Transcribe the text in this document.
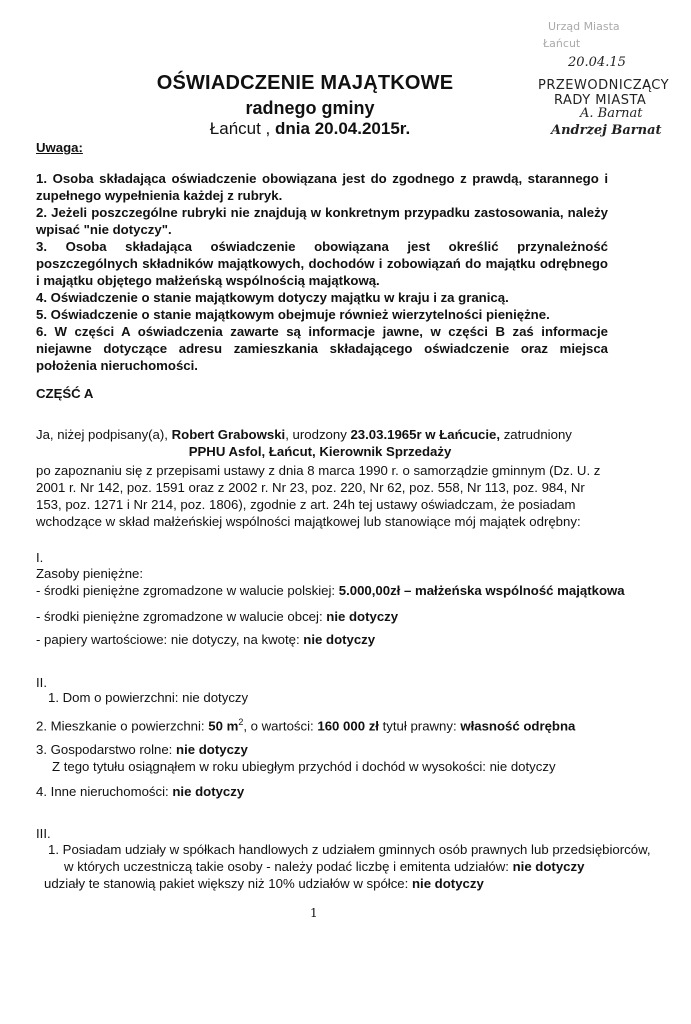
Urząd Miasta
Łańcut
20.04.15
PRZEWODNICZĄCY
RADY MIASTA
A. Barnat
Andrzej Barnat
OŚWIADCZENIE MAJĄTKOWE
radnego gminy
Łańcut , dnia 20.04.2015r.
Uwaga:

1. Osoba składająca oświadczenie obowiązana jest do zgodnego z prawdą, starannego i zupełnego wypełnienia każdej z rubryk.

2. Jeżeli poszczególne rubryki nie znajdują w konkretnym przypadku zastosowania, należy wpisać "nie dotyczy".

3. Osoba składająca oświadczenie obowiązana jest określić przynależność poszczególnych składników majątkowych, dochodów i zobowiązań do majątku odrębnego i majątku objętego małżeńską wspólnością majątkową.

4. Oświadczenie o stanie majątkowym dotyczy majątku w kraju i za granicą.

5. Oświadczenie o stanie majątkowym obejmuje również wierzytelności pieniężne.

6. W części A oświadczenia zawarte są informacje jawne, w części B zaś informacje niejawne dotyczące adresu zamieszkania składającego oświadczenie oraz miejsca położenia nieruchomości.

CZĘŚĆ A
Ja, niżej podpisany(a), Robert Grabowski, urodzony 23.03.1965r w Łańcucie, zatrudniony
PPHU Asfol, Łańcut, Kierownik Sprzedaży
po zapoznaniu się z przepisami ustawy z dnia 8 marca 1990 r. o samorządzie gminnym (Dz. U. z 2001 r. Nr 142, poz. 1591 oraz z 2002 r. Nr 23, poz. 220, Nr 62, poz. 558, Nr 113, poz. 984, Nr 153, poz. 1271 i Nr 214, poz. 1806), zgodnie z art. 24h tej ustawy oświadczam, że posiadam wchodzące w skład małżeńskiej wspólności majątkowej lub stanowiące mój majątek odrębny:
I.
Zasoby pieniężne:
- środki pieniężne zgromadzone w walucie polskiej: 5.000,00zł – małżeńska wspólność majątkowa
- środki pieniężne zgromadzone w walucie obcej: nie dotyczy
- papiery wartościowe: nie dotyczy, na kwotę: nie dotyczy
II.
1. Dom o powierzchni: nie dotyczy
2. Mieszkanie o powierzchni: 50 $m^2$, o wartości: 160 000 zł tytuł prawny: własność odrębna
3. Gospodarstwo rolne: nie dotyczy
Z tego tytułu osiągnąłem w roku ubiegłym przychód i dochód w wysokości: nie dotyczy
4. Inne nieruchomości: nie dotyczy
III.
1. Posiadam udziały w spółkach handlowych z udziałem gminnych osób prawnych lub przedsiębiorców,
w których uczestniczą takie osoby - należy podać liczbę i emitenta udziałów: nie dotyczy
udziały te stanowią pakiet większy niż 10% udziałów w spółce: nie dotyczy
1
